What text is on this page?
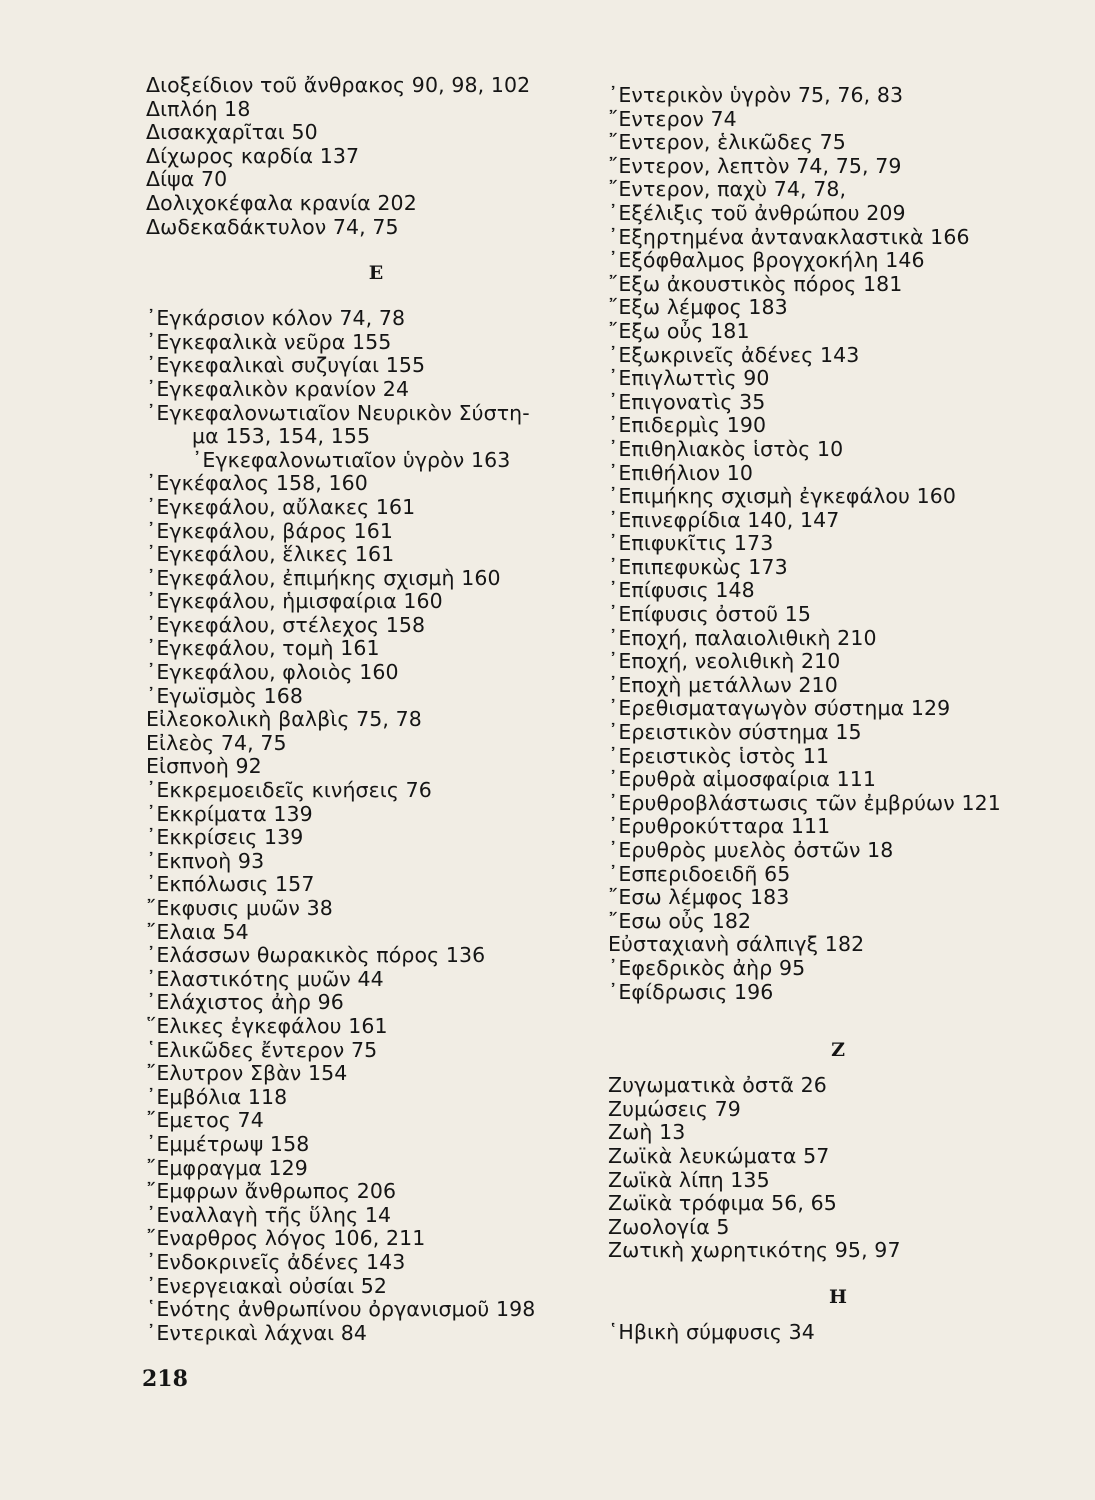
Διοξείδιον τοῦ ἄνθρακος 90, 98, 102
Διπλόη 18
Δισακχαρῖται 50
Δίχωρος καρδία 137
Δίψα 70
Δολιχοκέφαλα κρανία 202
Δωδεκαδάκτυλον 74, 75
Ε
᾿Εγκάρσιον κόλον 74, 78
᾿Εγκεφαλικὰ νεῦρα 155
᾿Εγκεφαλικαὶ συζυγίαι 155
᾿Εγκεφαλικὸν κρανίον 24
᾿Εγκεφαλονωτιαῖον Νευρικὸν Σύστη-
μα 153, 154, 155
᾿Εγκεφαλονωτιαῖον ὑγρὸν 163
᾿Εγκέφαλος 158, 160
᾿Εγκεφάλου, αὔλακες 161
᾿Εγκεφάλου, βάρος 161
᾿Εγκεφάλου, ἕλικες 161
᾿Εγκεφάλου, ἐπιμήκης σχισμὴ 160
᾿Εγκεφάλου, ἡμισφαίρια 160
᾿Εγκεφάλου, στέλεχος 158
᾿Εγκεφάλου, τομὴ 161
᾿Εγκεφάλου, φλοιὸς 160
᾿Εγωϊσμὸς 168
Εἰλεοκολικὴ βαλβὶς 75, 78
Εἰλεὸς 74, 75
Εἰσπνοὴ 92
᾿Εκκρεμοειδεῖς κινήσεις 76
᾿Εκκρίματα 139
᾿Εκκρίσεις 139
᾿Εκπνοὴ 93
᾿Εκπόλωσις 157
῎Εκφυσις μυῶν 38
῎Ελαια 54
᾿Ελάσσων θωρακικὸς πόρος 136
᾿Ελαστικότης μυῶν 44
᾿Ελάχιστος ἀὴρ 96
῞Ελικες ἐγκεφάλου 161
῾Ελικῶδες ἔντερον 75
῎Ελυτρον Σβὰν 154
᾿Εμβόλια 118
῎Εμετος 74
᾿Εμμέτρωψ 158
῎Εμφραγμα 129
῎Εμφρων ἄνθρωπος 206
᾿Εναλλαγὴ τῆς ὕλης 14
῎Εναρθρος λόγος 106, 211
᾿Ενδοκρινεῖς ἀδένες 143
᾿Ενεργειακαὶ οὐσίαι 52
῾Ενότης ἀνθρωπίνου ὀργανισμοῦ 198
᾿Εντερικαὶ λάχναι 84
᾿Εντερικὸν ὑγρὸν 75, 76, 83
῎Εντερον 74
῎Εντερον, ἑλικῶδες 75
῎Εντερον, λεπτὸν 74, 75, 79
῎Εντερον, παχὺ 74, 78,
᾿Εξέλιξις τοῦ ἀνθρώπου 209
᾿Εξηρτημένα ἀντανακλαστικὰ 166
᾿Εξόφθαλμος βρογχοκήλη 146
῎Εξω ἀκουστικὸς πόρος 181
῎Εξω λέμφος 183
῎Εξω οὖς 181
᾿Εξωκρινεῖς ἀδένες 143
᾿Επιγλωττὶς 90
᾿Επιγονατὶς 35
᾿Επιδερμὶς 190
᾿Επιθηλιακὸς ἱστὸς 10
᾿Επιθήλιον 10
᾿Επιμήκης σχισμὴ ἐγκεφάλου 160
᾿Επινεφρίδια 140, 147
᾿Επιφυκῖτις 173
᾿Επιπεφυκὼς 173
᾿Επίφυσις 148
᾿Επίφυσις ὀστοῦ 15
᾿Εποχή, παλαιολιθικὴ 210
᾿Εποχή, νεολιθικὴ 210
᾿Εποχὴ μετάλλων 210
᾿Ερεθισματαγωγὸν σύστημα 129
᾿Ερειστικὸν σύστημα 15
᾿Ερειστικὸς ἱστὸς 11
᾿Ερυθρὰ αἱμοσφαίρια 111
᾿Ερυθροβλάστωσις τῶν ἐμβρύων 121
᾿Ερυθροκύτταρα 111
᾿Ερυθρὸς μυελὸς ὀστῶν 18
᾿Εσπεριδοειδῆ 65
῎Εσω λέμφος 183
῎Εσω οὖς 182
Εὐσταχιανὴ σάλπιγξ 182
᾿Εφεδρικὸς ἀὴρ 95
᾿Εφίδρωσις 196
Ζ
Ζυγωματικὰ ὀστᾶ 26
Ζυμώσεις 79
Ζωὴ 13
Ζωϊκὰ λευκώματα 57
Ζωϊκὰ λίπη 135
Ζωϊκὰ τρόφιμα 56, 65
Ζωολογία 5
Ζωτικὴ χωρητικότης 95, 97
Η
῾Ηβικὴ σύμφυσις 34
218
